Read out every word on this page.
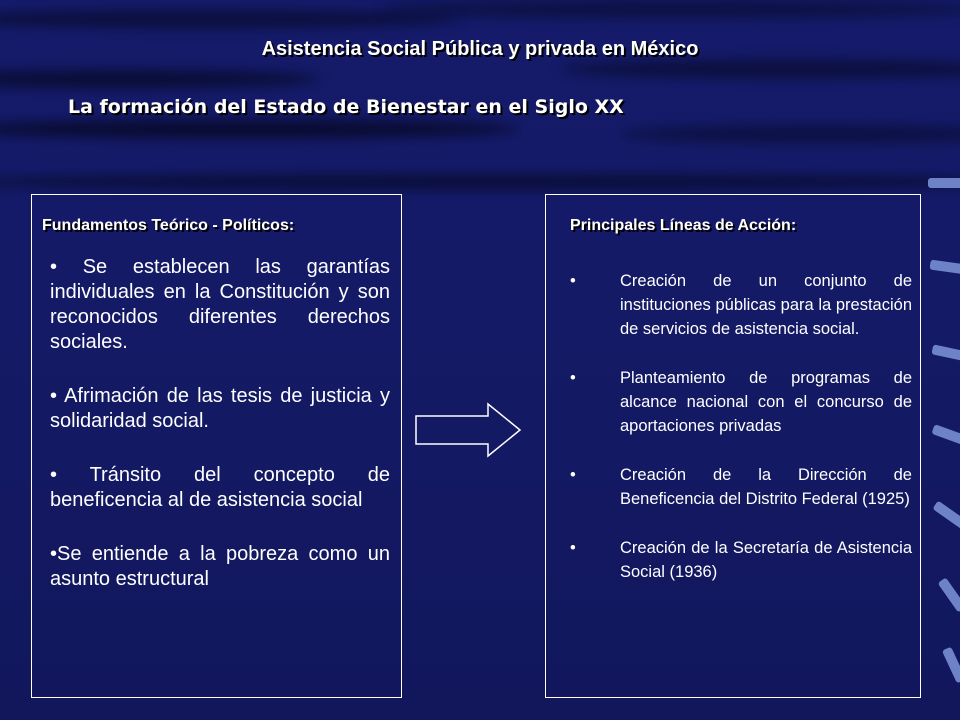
Asistencia Social Pública y privada en México
La formación del Estado de Bienestar en el Siglo XX
Fundamentos Teórico - Políticos:
• Se establecen las garantías individuales en la Constitución y son reconocidos diferentes derechos sociales.
• Afrimación de las tesis de justicia y solidaridad social.
• Tránsito del concepto de beneficencia al de asistencia social
•Se entiende a la pobreza como un asunto estructural
Principales Líneas de Acción:
•	Creación de un conjunto de instituciones públicas para la prestación de servicios de asistencia social.
•	Planteamiento de programas de alcance nacional con el concurso de aportaciones privadas
•	Creación de la Dirección de Beneficencia del Distrito Federal (1925)
•	Creación de la Secretaría de Asistencia Social (1936)
